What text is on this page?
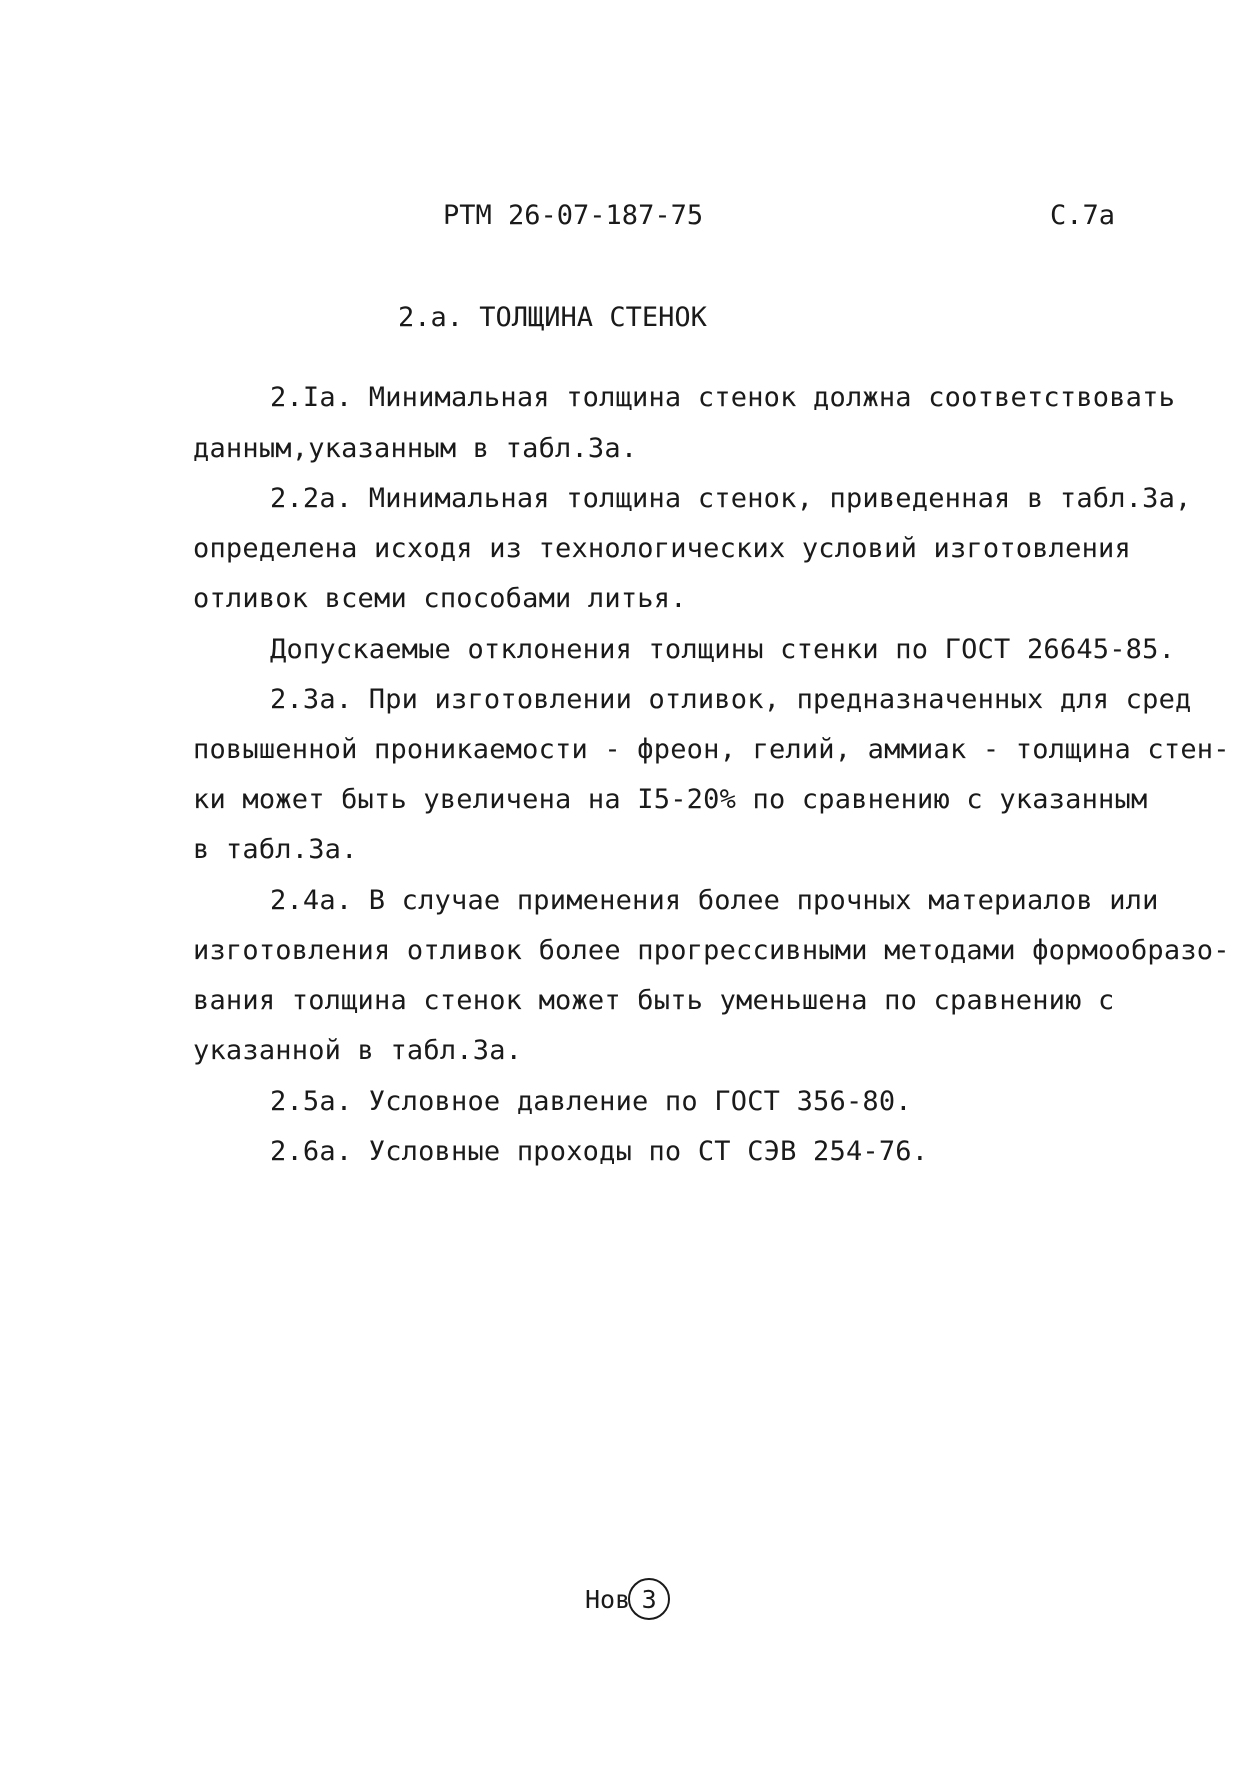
РТМ 26-07-187-75	С.7а
2.а. ТОЛЩИНА СТЕНОК
2.Iа. Минимальная толщина стенок должна соответствовать
данным,указанным в табл.3а.
2.2а. Минимальная толщина стенок, приведенная в табл.3а,
определена исходя из технологических условий изготовления
отливок всеми способами литья.
Допускаемые отклонения толщины стенки по ГОСТ 26645-85.
2.3а. При изготовлении отливок, предназначенных для сред
повышенной проникаемости - фреон, гелий, аммиак - толщина стен-
ки может быть увеличена на I5-20% по сравнению с указанным
в табл.3а.
2.4а. В случае применения более прочных материалов или
изготовления отливок более прогрессивными методами формообразо-
вания толщина стенок может быть уменьшена по сравнению с
указанной в табл.3а.
2.5а. Условное давление по ГОСТ 356-80.
2.6а. Условные проходы по СТ СЭВ 254-76.
Нов 3
